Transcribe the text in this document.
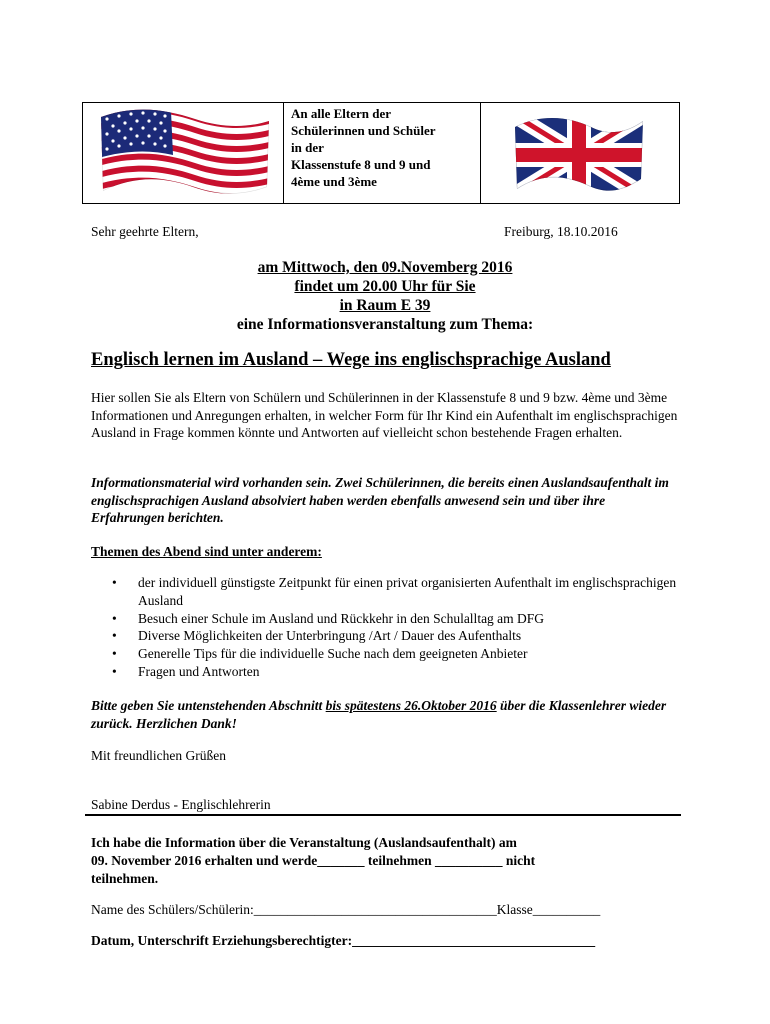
An alle Eltern der
Schülerinnen und Schüler
in der
Klassenstufe 8 und 9 und
4ème und 3ème
Sehr geehrte Eltern,	Freiburg, 18.10.2016
am Mittwoch, den 09.Novemberg 2016
findet um 20.00 Uhr für Sie
in Raum E 39
eine Informationsveranstaltung zum Thema:
Englisch lernen im Ausland – Wege ins englischsprachige Ausland
Hier sollen Sie als Eltern von Schülern und Schülerinnen in der Klassenstufe 8 und 9 bzw. 4ème und 3ème Informationen und Anregungen erhalten, in welcher Form für Ihr Kind ein Aufenthalt im englischsprachigen Ausland in Frage kommen könnte und Antworten auf vielleicht schon bestehende Fragen erhalten.
Informationsmaterial wird vorhanden sein. Zwei Schülerinnen, die bereits einen Auslandsaufenthalt im englischsprachigen Ausland absolviert haben werden ebenfalls anwesend sein und über ihre Erfahrungen berichten.
Themen des Abend sind unter anderem:
• der individuell günstigste Zeitpunkt für einen privat organisierten Aufenthalt im englischsprachigen Ausland
• Besuch einer Schule im Ausland und Rückkehr in den Schulalltag am DFG
• Diverse Möglichkeiten der Unterbringung /Art / Dauer des Aufenthalts
• Generelle Tips für die individuelle Suche nach dem geeigneten Anbieter
• Fragen und Antworten
Bitte geben Sie untenstehenden Abschnitt bis spätestens 26.Oktober 2016 über die Klassenlehrer wieder zurück. Herzlichen Dank!
Mit freundlichen Grüßen
Sabine Derdus - Englischlehrerin
Ich habe die Information über die Veranstaltung (Auslandsaufenthalt) am
09. November 2016 erhalten und werde_______ teilnehmen __________ nicht
teilnehmen.
Name des Schülers/Schülerin:____________________________________Klasse__________
Datum, Unterschrift Erziehungsberechtigter:____________________________________
